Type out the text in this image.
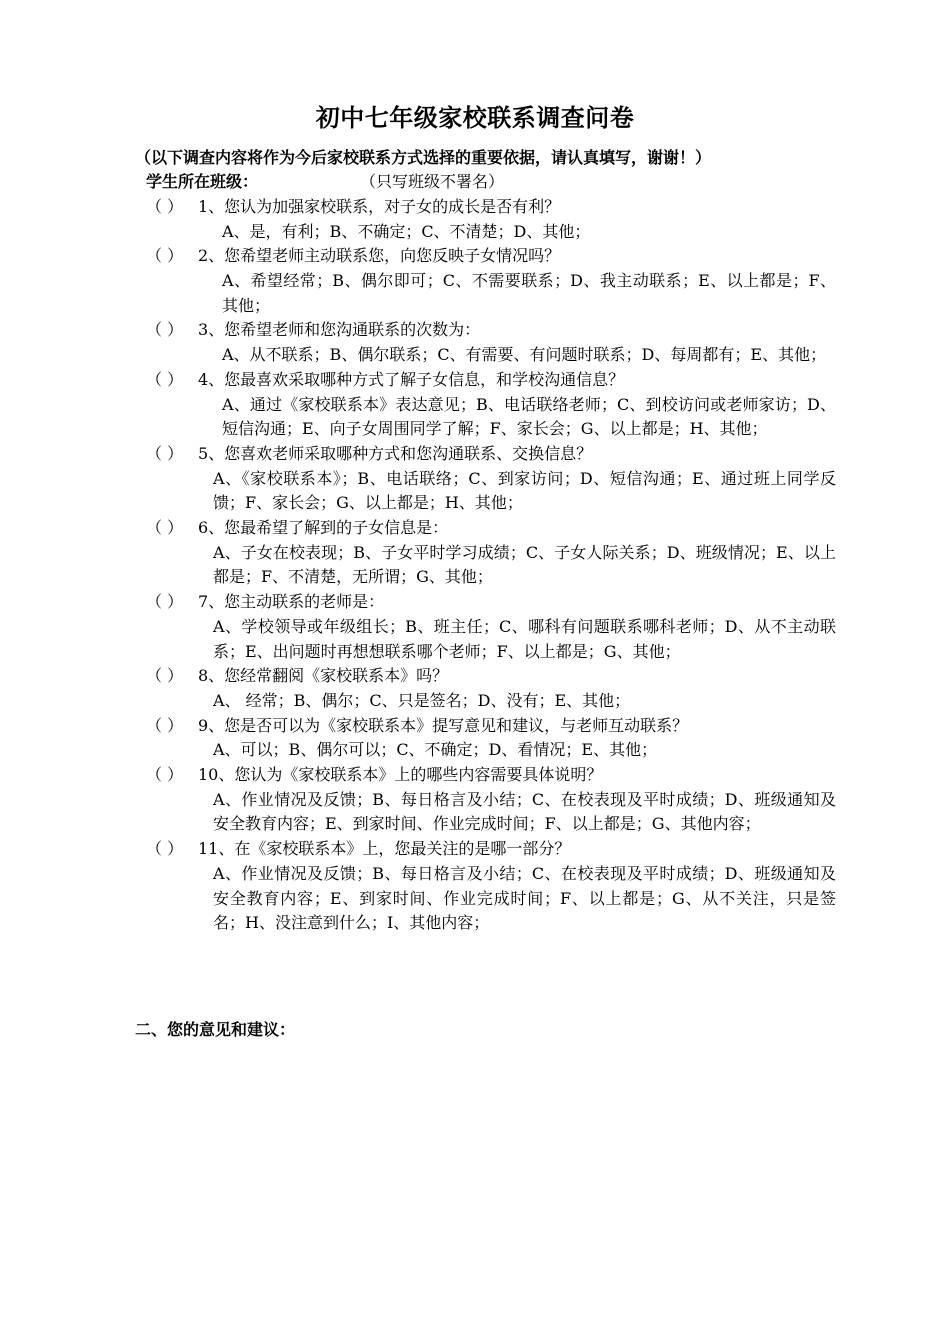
初中七年级家校联系调查问卷
（以下调查内容将作为今后家校联系方式选择的重要依据，请认真填写，谢谢！）
学生所在班级：	（只写班级不署名）
（ ） 1、您认为加强家校联系，对子女的成长是否有利？
A、是，有利；B、不确定；C、不清楚；D、其他；
（ ） 2、您希望老师主动联系您，向您反映子女情况吗？
A、希望经常；B、偶尔即可；C、不需要联系；D、我主动联系；E、以上都是；F、其他；
（ ） 3、您希望老师和您沟通联系的次数为：
A、从不联系；B、偶尔联系；C、有需要、有问题时联系；D、每周都有；E、其他；
（ ） 4、您最喜欢采取哪种方式了解子女信息，和学校沟通信息？
A、通过《家校联系本》表达意见；B、电话联络老师；C、到校访问或老师家访；D、短信沟通；E、向子女周围同学了解；F、家长会；G、以上都是；H、其他；
（ ） 5、您喜欢老师采取哪种方式和您沟通联系、交换信息？
A、《家校联系本》；B、电话联络；C、到家访问；D、短信沟通；E、通过班上同学反馈；F、家长会；G、以上都是；H、其他；
（ ） 6、您最希望了解到的子女信息是：
A、子女在校表现；B、子女平时学习成绩；C、子女人际关系；D、班级情况；E、以上都是；F、不清楚，无所谓；G、其他；
（ ） 7、您主动联系的老师是：
A、学校领导或年级组长；B、班主任；C、哪科有问题联系哪科老师；D、从不主动联系；E、出问题时再想想联系哪个老师；F、以上都是；G、其他；
（ ） 8、您经常翻阅《家校联系本》吗？
A、 经常；B、偶尔；C、只是签名；D、没有；E、其他；
（ ） 9、您是否可以为《家校联系本》提写意见和建议，与老师互动联系？
A、可以；B、偶尔可以；C、不确定；D、看情况；E、其他；
（ ） 10、您认为《家校联系本》上的哪些内容需要具体说明？
A、作业情况及反馈；B、每日格言及小结；C、在校表现及平时成绩；D、班级通知及安全教育内容；E、到家时间、作业完成时间；F、以上都是；G、其他内容；
（ ） 11、在《家校联系本》上，您最关注的是哪一部分？
A、作业情况及反馈；B、每日格言及小结；C、在校表现及平时成绩；D、班级通知及安全教育内容；E、到家时间、作业完成时间；F、以上都是；G、从不关注，只是签名；H、没注意到什么；I、其他内容；
二、您的意见和建议：
